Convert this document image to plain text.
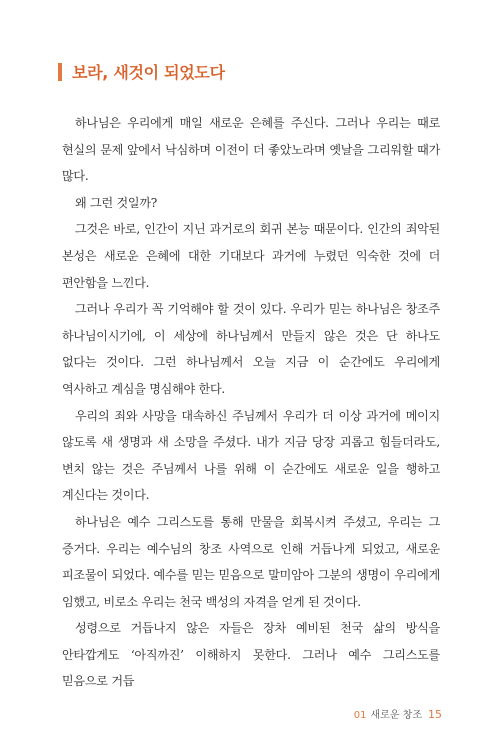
보라, 새것이 되었도다

하나님은 우리에게 매일 새로운 은혜를 주신다. 그러나 우리는 때로 현실의 문제 앞에서 낙심하며 이전이 더 좋았노라며 옛날을 그리워할 때가 많다.

왜 그런 것일까?

그것은 바로, 인간이 지닌 과거로의 회귀 본능 때문이다. 인간의 죄악된 본성은 새로운 은혜에 대한 기대보다 과거에 누렸던 익숙한 것에 더 편안함을 느낀다.

그러나 우리가 꼭 기억해야 할 것이 있다. 우리가 믿는 하나님은 창조주 하나님이시기에, 이 세상에 하나님께서 만들지 않은 것은 단 하나도 없다는 것이다. 그런 하나님께서 오늘 지금 이 순간에도 우리에게 역사하고 계심을 명심해야 한다.

우리의 죄와 사망을 대속하신 주님께서 우리가 더 이상 과거에 메이지 않도록 새 생명과 새 소망을 주셨다. 내가 지금 당장 괴롭고 힘들더라도, 변치 않는 것은 주님께서 나를 위해 이 순간에도 새로운 일을 행하고 계신다는 것이다.

하나님은 예수 그리스도를 통해 만물을 회복시켜 주셨고, 우리는 그 증거다. 우리는 예수님의 창조 사역으로 인해 거듭나게 되었고, 새로운 피조물이 되었다. 예수를 믿는 믿음으로 말미암아 그분의 생명이 우리에게 임했고, 비로소 우리는 천국 백성의 자격을 얻게 된 것이다.

성령으로 거듭나지 않은 자들은 장차 예비된 천국 삶의 방식을 안타깝게도 ‘아직까진’ 이해하지 못한다. 그러나 예수 그리스도를 믿음으로 거듭

01 새로운 창조 15
